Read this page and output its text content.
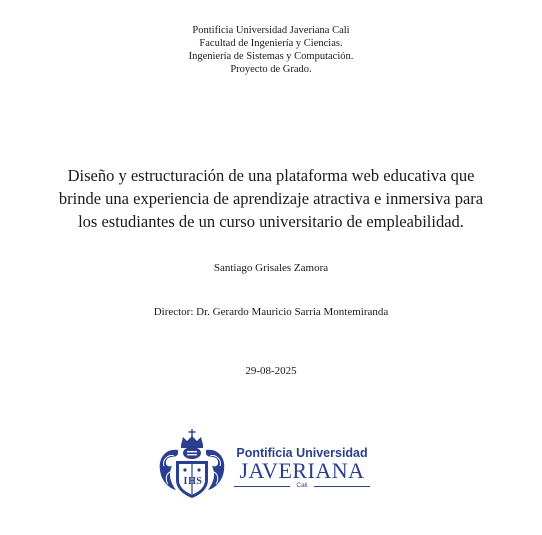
Pontificia Universidad Javeriana Cali
Facultad de Ingeniería y Ciencias.
Ingeniería de Sistemas y Computación.
Proyecto de Grado.
Diseño y estructuración de una plataforma web educativa que
brinde una experiencia de aprendizaje atractiva e inmersiva para
los estudiantes de un curso universitario de empleabilidad.
Santiago Grisales Zamora
Director: Dr. Gerardo Mauricio Sarria Montemiranda
29-08-2025
I H S
Pontificia Universidad
JAVERIANA
Cali
